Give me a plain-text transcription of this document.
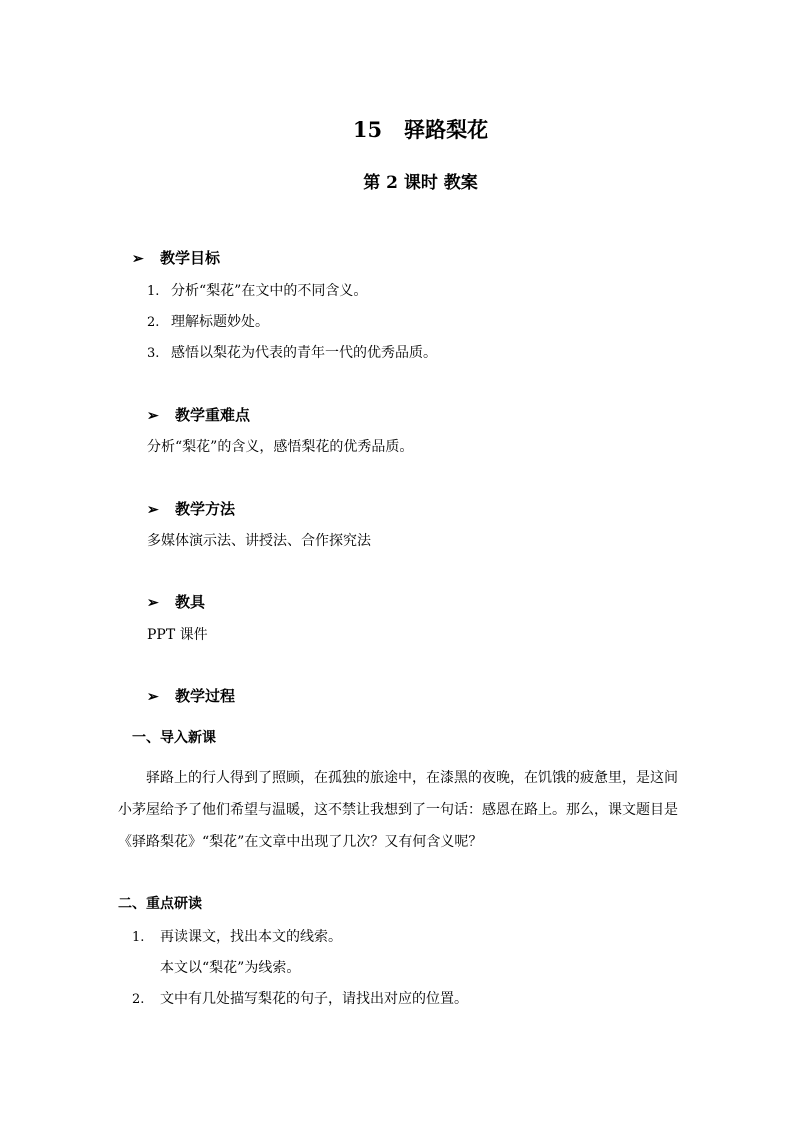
15 驿路梨花
第 2 课时 教案
➢ 教学目标
1. 分析“梨花”在文中的不同含义。
2. 理解标题妙处。
3. 感悟以梨花为代表的青年一代的优秀品质。
➢ 教学重难点
分析“梨花”的含义，感悟梨花的优秀品质。
➢ 教学方法
多媒体演示法、讲授法、合作探究法
➢ 教具
PPT 课件
➢ 教学过程
一、导入新课
驿路上的行人得到了照顾，在孤独的旅途中，在漆黑的夜晚，在饥饿的疲惫里，是这间小茅屋给予了他们希望与温暖，这不禁让我想到了一句话：感恩在路上。那么，课文题目是《驿路梨花》“梨花”在文章中出现了几次？又有何含义呢？
二、重点研读
1. 再读课文，找出本文的线索。
本文以“梨花”为线索。
2. 文中有几处描写梨花的句子，请找出对应的位置。
